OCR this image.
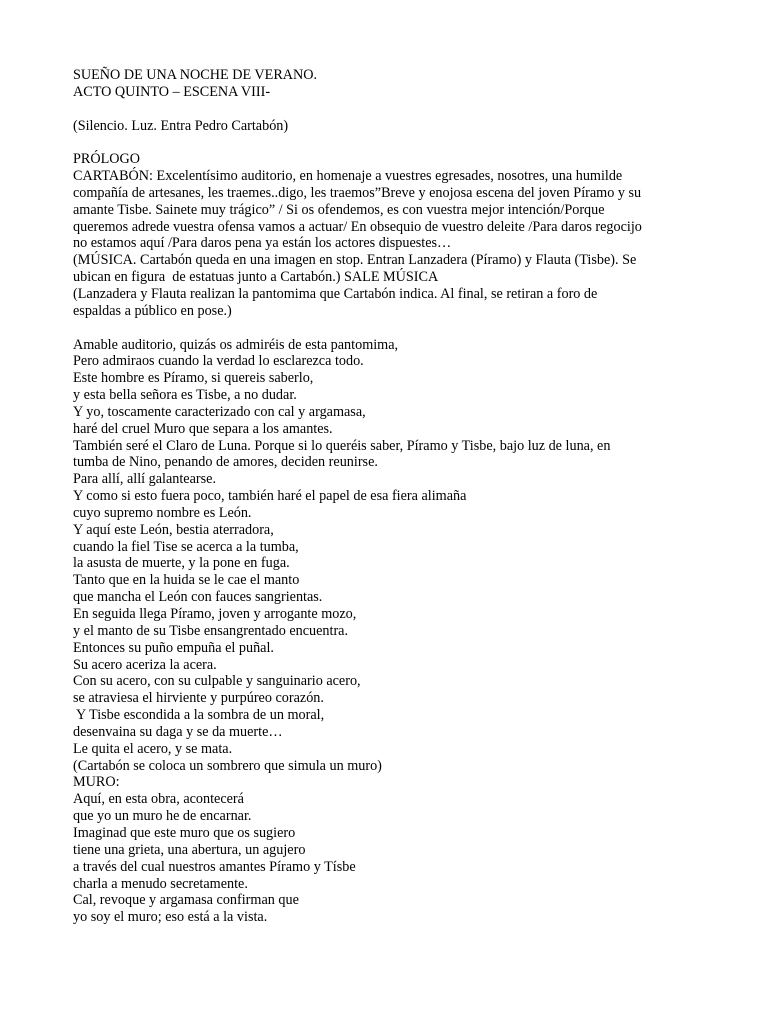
SUEÑO DE UNA NOCHE DE VERANO.
ACTO QUINTO – ESCENA VIII-
(Silencio. Luz. Entra Pedro Cartabón)
PRÓLOGO
CARTABÓN: Excelentísimo auditorio, en homenaje a vuestres egresades, nosotres, una humilde
compañía de artesanes, les traemes..digo, les traemos”Breve y enojosa escena del joven Píramo y su
amante Tisbe. Sainete muy trágico” / Si os ofendemos, es con vuestra mejor intención/Porque
queremos adrede vuestra ofensa vamos a actuar/ En obsequio de vuestro deleite /Para daros regocijo
no estamos aquí /Para daros pena ya están los actores dispuestes…
(MÚSICA. Cartabón queda en una imagen en stop. Entran Lanzadera (Píramo) y Flauta (Tisbe). Se
ubican en figura  de estatuas junto a Cartabón.) SALE MÚSICA
(Lanzadera y Flauta realizan la pantomima que Cartabón indica. Al final, se retiran a foro de
espaldas a público en pose.)
Amable auditorio, quizás os admiréis de esta pantomima,
Pero admiraos cuando la verdad lo esclarezca todo.
Este hombre es Píramo, si quereis saberlo,
y esta bella señora es Tisbe, a no dudar.
Y yo, toscamente caracterizado con cal y argamasa,
haré del cruel Muro que separa a los amantes.
También seré el Claro de Luna. Porque si lo queréis saber, Píramo y Tisbe, bajo luz de luna, en
tumba de Nino, penando de amores, deciden reunirse.
Para allí, allí galantearse.
Y como si esto fuera poco, también haré el papel de esa fiera alimaña
cuyo supremo nombre es León.
Y aquí este León, bestia aterradora,
cuando la fiel Tise se acerca a la tumba,
la asusta de muerte, y la pone en fuga.
Tanto que en la huida se le cae el manto
que mancha el León con fauces sangrientas.
En seguida llega Píramo, joven y arrogante mozo,
y el manto de su Tisbe ensangrentado encuentra.
Entonces su puño empuña el puñal.
Su acero aceriza la acera.
Con su acero, con su culpable y sanguinario acero,
se atraviesa el hirviente y purpúreo corazón.
Y Tisbe escondida a la sombra de un moral,
desenvaina su daga y se da muerte…
Le quita el acero, y se mata.
(Cartabón se coloca un sombrero que simula un muro)
MURO:
Aquí, en esta obra, acontecerá
que yo un muro he de encarnar.
Imaginad que este muro que os sugiero
tiene una grieta, una abertura, un agujero
a través del cual nuestros amantes Píramo y Tísbe
charla a menudo secretamente.
Cal, revoque y argamasa confirman que
yo soy el muro; eso está a la vista.
